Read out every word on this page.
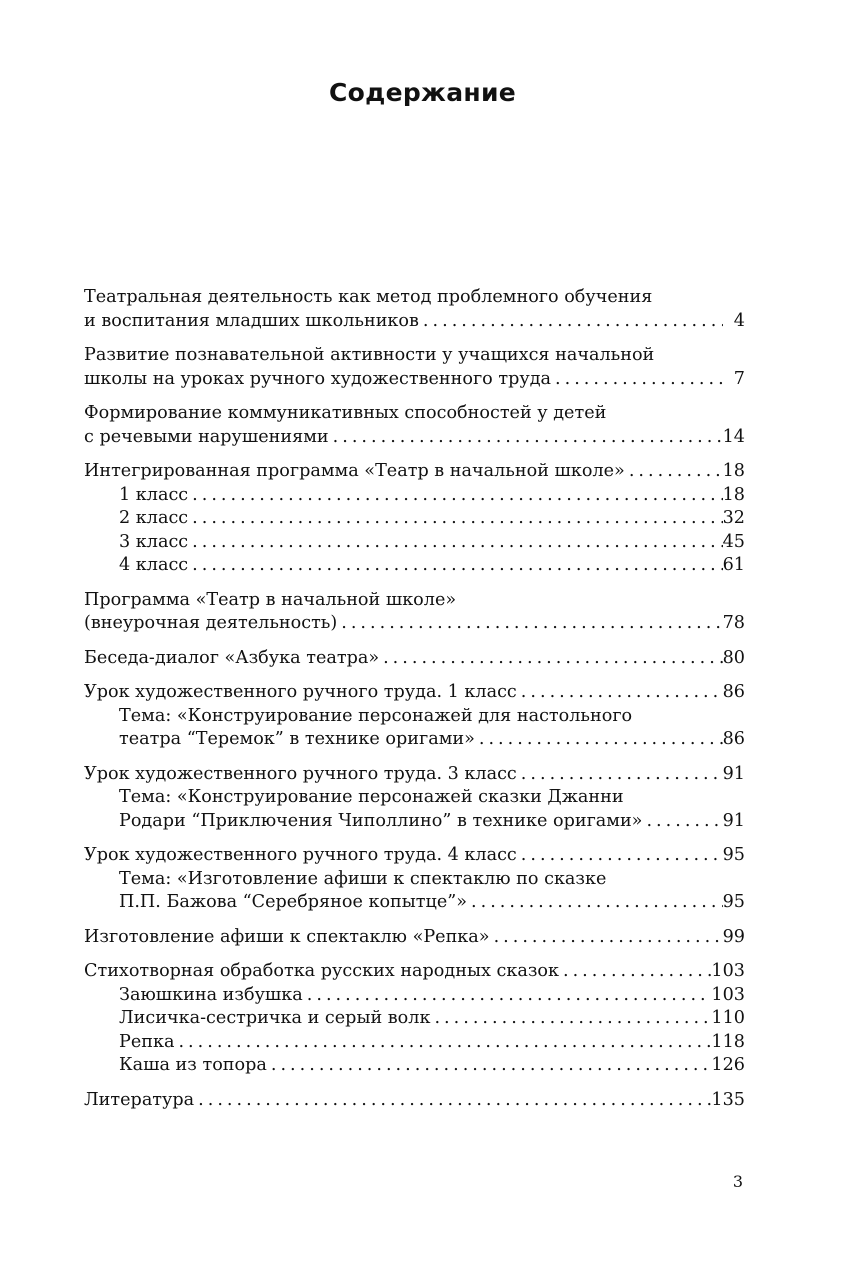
Содержание
Театральная деятельность как метод проблемного обучения
и воспитания младших школьников .....	4
Развитие познавательной активности у учащихся начальной
школы на уроках ручного художественного труда .....	7
Формирование коммуникативных способностей у детей
с речевыми нарушениями .....	14
Интегрированная программа «Театр в начальной школе» .....	18
1 класс .....	18
2 класс .....	32
3 класс .....	45
4 класс .....	61
Программа «Театр в начальной школе»
(внеурочная деятельность) .....	78
Беседа-диалог «Азбука театра» .....	80
Урок художественного ручного труда. 1 класс .....	86
Тема: «Конструирование персонажей для настольного
театра “Теремок” в технике оригами» .....	86
Урок художественного ручного труда. 3 класс .....	91
Тема: «Конструирование персонажей сказки Джанни
Родари “Приключения Чиполлино” в технике оригами» .....	91
Урок художественного ручного труда. 4 класс .....	95
Тема: «Изготовление афиши к спектаклю по сказке
П.П. Бажова “Серебряное копытце”» .....	95
Изготовление афиши к спектаклю «Репка» .....	99
Стихотворная обработка русских народных сказок .....	103
Заюшкина избушка .....	103
Лисичка-сестричка и серый волк .....	110
Репка .....	118
Каша из топора .....	126
Литература .....	135

3
